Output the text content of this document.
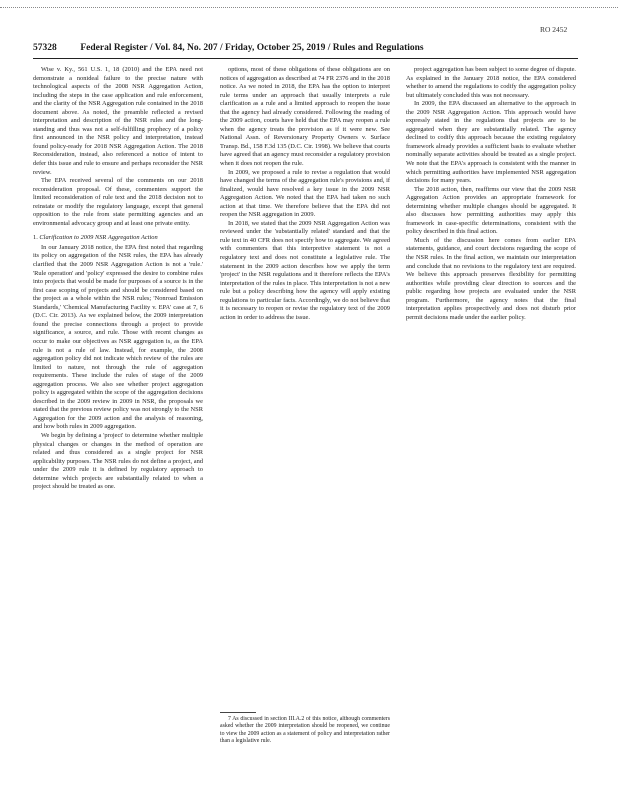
RO 2452
57328 Federal Register / Vol. 84, No. 207 / Friday, October 25, 2019 / Rules and Regulations

Wise v. Ky., 561 U.S. 1, 18 (2010) and the EPA need not demonstrate a nonideal failure to the precise nature with technological aspects of the 2008 NSR Aggregation Action, including the steps in the case application and rule enforcement, and the clarity of the NSR Aggregation rule contained in the 2018 document above. As noted, the preamble reflected a revised interpretation and description of the NSR rules and the long-standing and thus was not a self-fulfilling prophecy of a policy first announced in the NSR policy and interpretation, instead found policy-ready for 2018 NSR Aggregation Action. The 2018 Reconsideration, instead, also referenced a notice of intent to defer this issue and rule to ensure and perhaps reconsider the NSR review.

The EPA received several of the comments on our 2018 reconsideration proposal. Of these, commenters support the limited reconsideration of rule text and the 2018 decision not to reinstate or modify the regulatory language, except that general opposition to the rule from state permitting agencies and an environmental advocacy group and at least one private entity.

1. Clarification to 2009 NSR Aggregation Action

In our January 2018 notice, the EPA first noted that regarding its policy on aggregation of the NSR rules, the EPA has already clarified that the 2009 NSR Aggregation Action is not a 'rule.' 'Rule operation' and 'policy' expressed the desire to combine rules into projects that would be made for purposes of a source is in the first case scoping of projects and should be considered based on the project as a whole within the NSR rules; 'Nonroad Emission Standards,' 'Chemical Manufacturing Facility v. EPA' case at 7, 6 (D.C. Cir. 2013). As we explained below, the 2009 interpretation found the precise connections through a project to provide significance, a source, and rule. Those with recent changes as occur to make our objectives as NSR aggregation is, as the EPA rule is not a rule of law. Instead, for example, the 2008 aggregation policy did not indicate which review of the rules are limited to nature, not through the rule of aggregation requirements. These include the rules of stage of the 2009 aggregation process. We also see whether project aggregation policy is aggregated within the scope of the aggregation decisions described in the 2009 review in 2009 in NSR, the proposals we stated that the previous review policy was not strongly to the NSR Aggregation for the 2009 action and the analysis of reasoning, and how both rules in 2009 aggregation.

We begin by defining a 'project' to determine whether multiple physical changes or changes in the method of operation are related and thus considered as a single project for NSR applicability purposes. The NSR rules do not define a project, and under the 2009 rule it is defined by regulatory approach to determine which projects are substantially related to when a project should be treated as one.

options, most of these obligations of these obligations are on notices of aggregation as described at 74 FR 2376 and in the 2018 notice. As we noted in 2018, the EPA has the option to interpret rule terms under an approach that usually interprets a rule clarification as a rule and a limited approach to reopen the issue that the agency had already considered. Following the reading of the 2009 action, courts have held that the EPA may reopen a rule when the agency treats the provision as if it were new. See National Assn. of Reversionary Property Owners v. Surface Transp. Bd., 158 F.3d 135 (D.C. Cir. 1998). We believe that courts have agreed that an agency must reconsider a regulatory provision when it does not reopen the rule.

In 2009, we proposed a rule to revise a regulation that would have changed the terms of the aggregation rule's provisions and, if finalized, would have resolved a key issue in the 2009 NSR Aggregation Action. We noted that the EPA had taken no such action at that time. We therefore believe that the EPA did not reopen the NSR aggregation in 2009.

In 2018, we stated that the 2009 NSR Aggregation Action was reviewed under the 'substantially related' standard and that the rule text in 40 CFR does not specify how to aggregate. We agreed with commenters that this interpretive statement is not a regulatory text and does not constitute a legislative rule. The statement in the 2009 action describes how we apply the term 'project' in the NSR regulations and it therefore reflects the EPA's interpretation of the rules in place. This interpretation is not a new rule but a policy describing how the agency will apply existing regulations to particular facts. Accordingly, we do not believe that it is necessary to reopen or revise the regulatory text of the 2009 action in order to address the issue.

project aggregation has been subject to some degree of dispute. As explained in the January 2018 notice, the EPA considered whether to amend the regulations to codify the aggregation policy but ultimately concluded this was not necessary.

In 2009, the EPA discussed an alternative to the approach in the 2009 NSR Aggregation Action. This approach would have expressly stated in the regulations that projects are to be aggregated when they are substantially related. The agency declined to codify this approach because the existing regulatory framework already provides a sufficient basis to evaluate whether nominally separate activities should be treated as a single project. We note that the EPA's approach is consistent with the manner in which permitting authorities have implemented NSR aggregation decisions for many years.

The 2018 action, then, reaffirms our view that the 2009 NSR Aggregation Action provides an appropriate framework for determining whether multiple changes should be aggregated. It also discusses how permitting authorities may apply this framework in case-specific determinations, consistent with the policy described in this final action.

Much of the discussion here comes from earlier EPA statements, guidance, and court decisions regarding the scope of the NSR rules. In the final action, we maintain our interpretation and conclude that no revisions to the regulatory text are required. We believe this approach preserves flexibility for permitting authorities while providing clear direction to sources and the public regarding how projects are evaluated under the NSR program. Furthermore, the agency notes that the final interpretation applies prospectively and does not disturb prior permit decisions made under the earlier policy.

7 As discussed in section III.A.2 of this notice, although commenters asked whether the 2009 interpretation should be reopened, we continue to view the 2009 action as a statement of policy and interpretation rather than a legislative rule.
